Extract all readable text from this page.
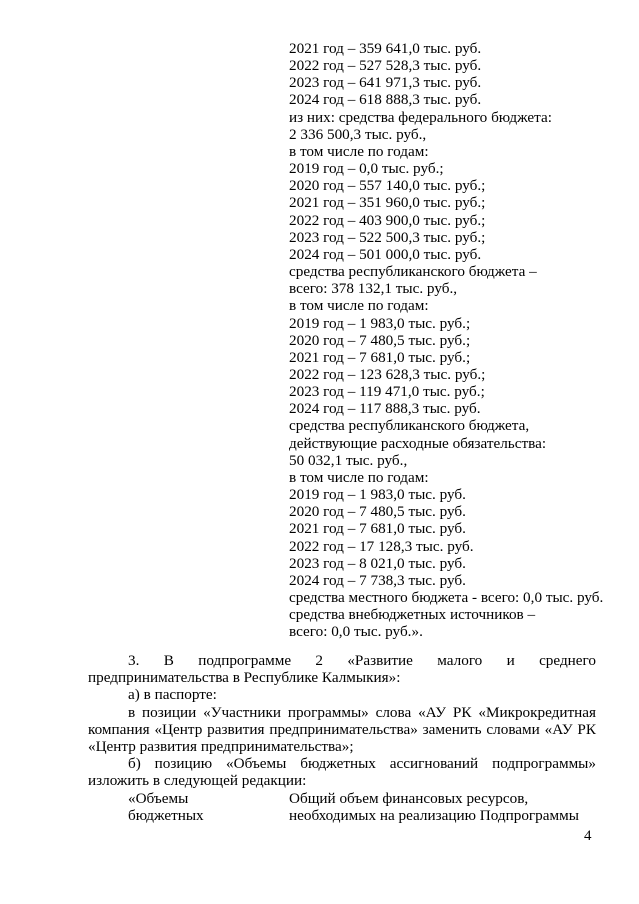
2021 год – 359 641,0 тыс. руб.
2022 год – 527 528,3 тыс. руб.
2023 год – 641 971,3 тыс. руб.
2024 год – 618 888,3 тыс. руб.
из них: средства федерального бюджета:
2 336 500,3 тыс. руб.,
в том числе по годам:
2019 год – 0,0 тыс. руб.;
2020 год – 557 140,0 тыс. руб.;
2021 год – 351 960,0 тыс. руб.;
2022 год – 403 900,0 тыс. руб.;
2023 год – 522 500,3 тыс. руб.;
2024 год – 501 000,0 тыс. руб.
средства республиканского бюджета –
всего: 378 132,1 тыс. руб.,
в том числе по годам:
2019 год – 1 983,0 тыс. руб.;
2020 год – 7 480,5 тыс. руб.;
2021 год – 7 681,0 тыс. руб.;
2022 год – 123 628,3 тыс. руб.;
2023 год – 119 471,0 тыс. руб.;
2024 год – 117 888,3 тыс. руб.
средства республиканского бюджета,
действующие расходные обязательства:
50 032,1 тыс. руб.,
в том числе по годам:
2019 год – 1 983,0 тыс. руб.
2020 год – 7 480,5 тыс. руб.
2021 год – 7 681,0 тыс. руб.
2022 год – 17 128,3 тыс. руб.
2023 год – 8 021,0 тыс. руб.
2024 год – 7 738,3 тыс. руб.
средства местного бюджета - всего: 0,0 тыс. руб.
средства внебюджетных источников –
всего: 0,0 тыс. руб.».

3.    В    подпрограмме    2    «Развитие    малого    и    среднего

предпринимательства в Республике Калмыкия»:

а) в паспорте:

в позиции «Участники программы» слова «АУ РК «Микрокредитная компания «Центр развития предпринимательства» заменить словами «АУ РК «Центр развития предпринимательства»;

б) позицию «Объемы бюджетных ассигнований подпрограммы» изложить в следующей редакции:

«Объемы	Общий объем финансовых ресурсов,
бюджетных	необходимых на реализацию Подпрограммы
4
